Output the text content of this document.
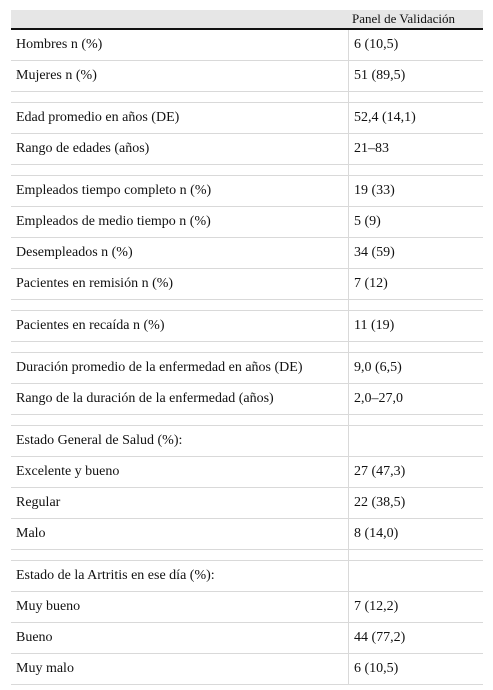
Panel de Validación
Hombres n (%)	6 (10,5)
Mujeres n (%)	51 (89,5)
Edad promedio en años (DE)	52,4 (14,1)
Rango de edades (años)	21–83
Empleados tiempo completo n (%)	19 (33)
Empleados de medio tiempo n (%)	5 (9)
Desempleados n (%)	34 (59)
Pacientes en remisión n (%)	7 (12)
Pacientes en recaída n (%)	11 (19)
Duración promedio de la enfermedad en años (DE)	9,0 (6,5)
Rango de la duración de la enfermedad (años)	2,0–27,0
Estado General de Salud (%):
Excelente y bueno	27 (47,3)
Regular	22 (38,5)
Malo	8 (14,0)
Estado de la Artritis en ese día (%):
Muy bueno	7 (12,2)
Bueno	44 (77,2)
Muy malo	6 (10,5)
